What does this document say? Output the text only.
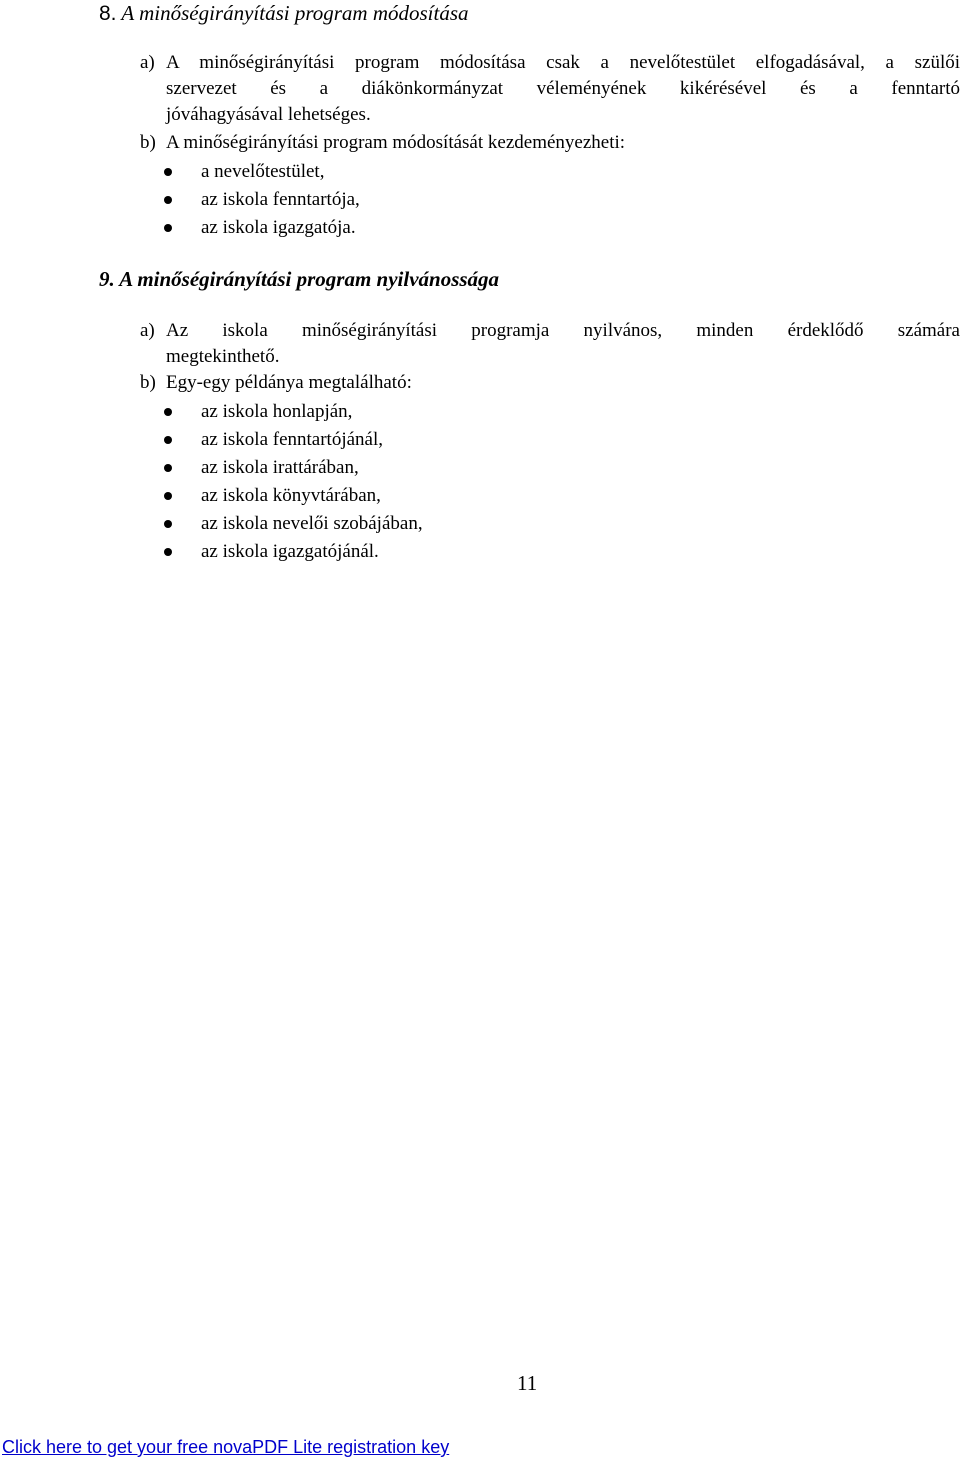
8. A minőségirányítási program módosítása
a) A minőségirányítási program módosítása csak a nevelőtestület elfogadásával, a szülői
szervezet és a diákönkormányzat véleményének kikérésével és a fenntartó
jóváhagyásával lehetséges.
b) A minőségirányítási program módosítását kezdeményezheti:
a nevelőtestület,
az iskola fenntartója,
az iskola igazgatója.
9. A minőségirányítási program nyilvánossága
a) Az iskola minőségirányítási programja nyilvános, minden érdeklődő számára
megtekinthető.
b) Egy-egy példánya megtalálható:
az iskola honlapján,
az iskola fenntartójánál,
az iskola irattárában,
az iskola könyvtárában,
az iskola nevelői szobájában,
az iskola igazgatójánál.
11
Click here to get your free novaPDF Lite registration key
